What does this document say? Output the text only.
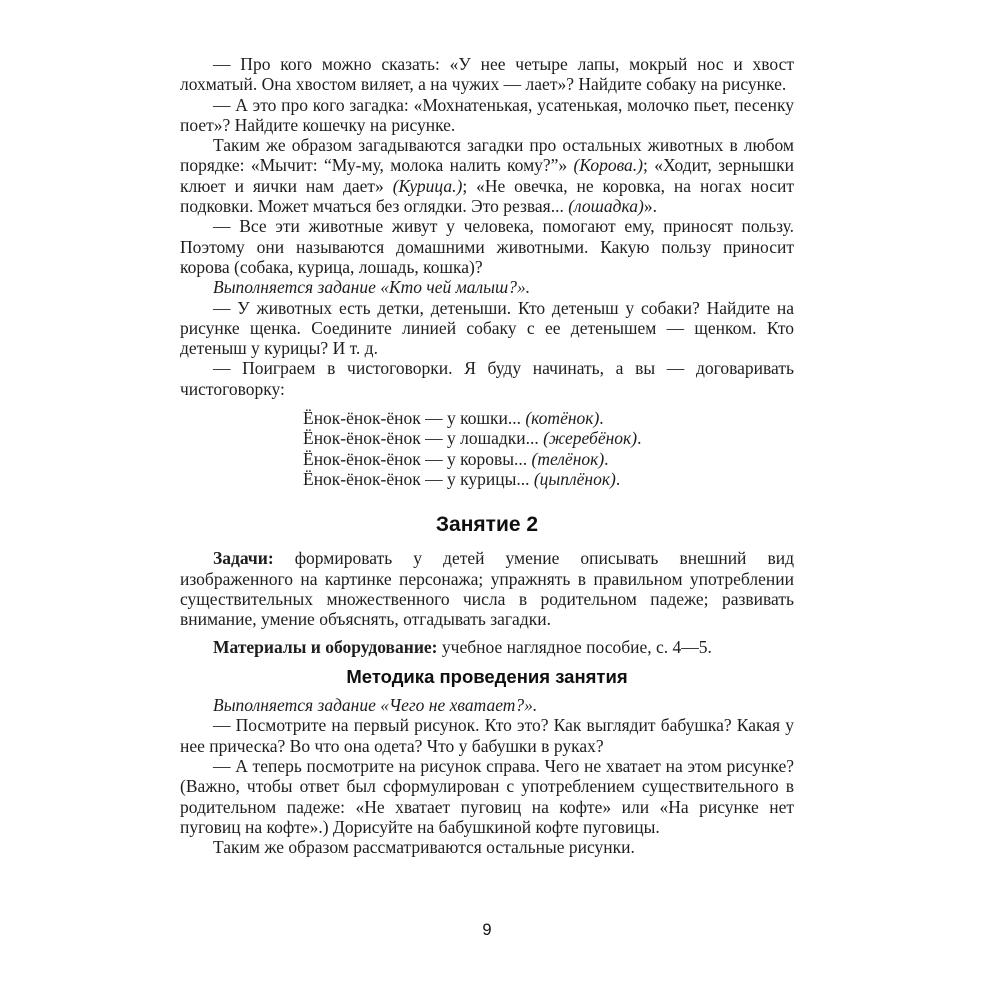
— Про кого можно сказать: «У нее четыре лапы, мокрый нос и хвост лохматый. Она хвостом виляет, а на чужих — лает»? Найдите собаку на рисунке.

— А это про кого загадка: «Мохнатенькая, усатенькая, молочко пьет, песенку поет»? Найдите кошечку на рисунке.

Таким же образом загадываются загадки про остальных животных в любом порядке: «Мычит: “Му-му, молока налить кому?”» (Корова.); «Ходит, зернышки клюет и яички нам дает» (Курица.); «Не овечка, не коровка, на ногах носит подковки. Может мчаться без оглядки. Это резвая... (лошадка)».

— Все эти животные живут у человека, помогают ему, приносят пользу. Поэтому они называются домашними животными. Какую пользу приносит корова (собака, курица, лошадь, кошка)?

Выполняется задание «Кто чей малыш?».

— У животных есть детки, детеныши. Кто детеныш у собаки? Найдите на рисунке щенка. Соедините линией собаку с ее детенышем — щенком. Кто детеныш у курицы? И т. д.

— Поиграем в чистоговорки. Я буду начинать, а вы — договаривать чистоговорку:

Ёнок-ёнок-ёнок — у кошки... (котёнок).
Ёнок-ёнок-ёнок — у лошадки... (жеребёнок).
Ёнок-ёнок-ёнок — у коровы... (телёнок).
Ёнок-ёнок-ёнок — у курицы... (цыплёнок).
Занятие 2

Задачи: формировать у детей умение описывать внешний вид изображенного на картинке персонажа; упражнять в правильном употреблении существительных множественного числа в родительном падеже; развивать внимание, умение объяснять, отгадывать загадки.

Материалы и оборудование: учебное наглядное пособие, с. 4—5.

Методика проведения занятия

Выполняется задание «Чего не хватает?».

— Посмотрите на первый рисунок. Кто это? Как выглядит бабушка? Какая у нее прическа? Во что она одета? Что у бабушки в руках?

— А теперь посмотрите на рисунок справа. Чего не хватает на этом рисунке? (Важно, чтобы ответ был сформулирован с употреблением существительного в родительном падеже: «Не хватает пуговиц на кофте» или «На рисунке нет пуговиц на кофте».) Дорисуйте на бабушкиной кофте пуговицы.

Таким же образом рассматриваются остальные рисунки.

9
